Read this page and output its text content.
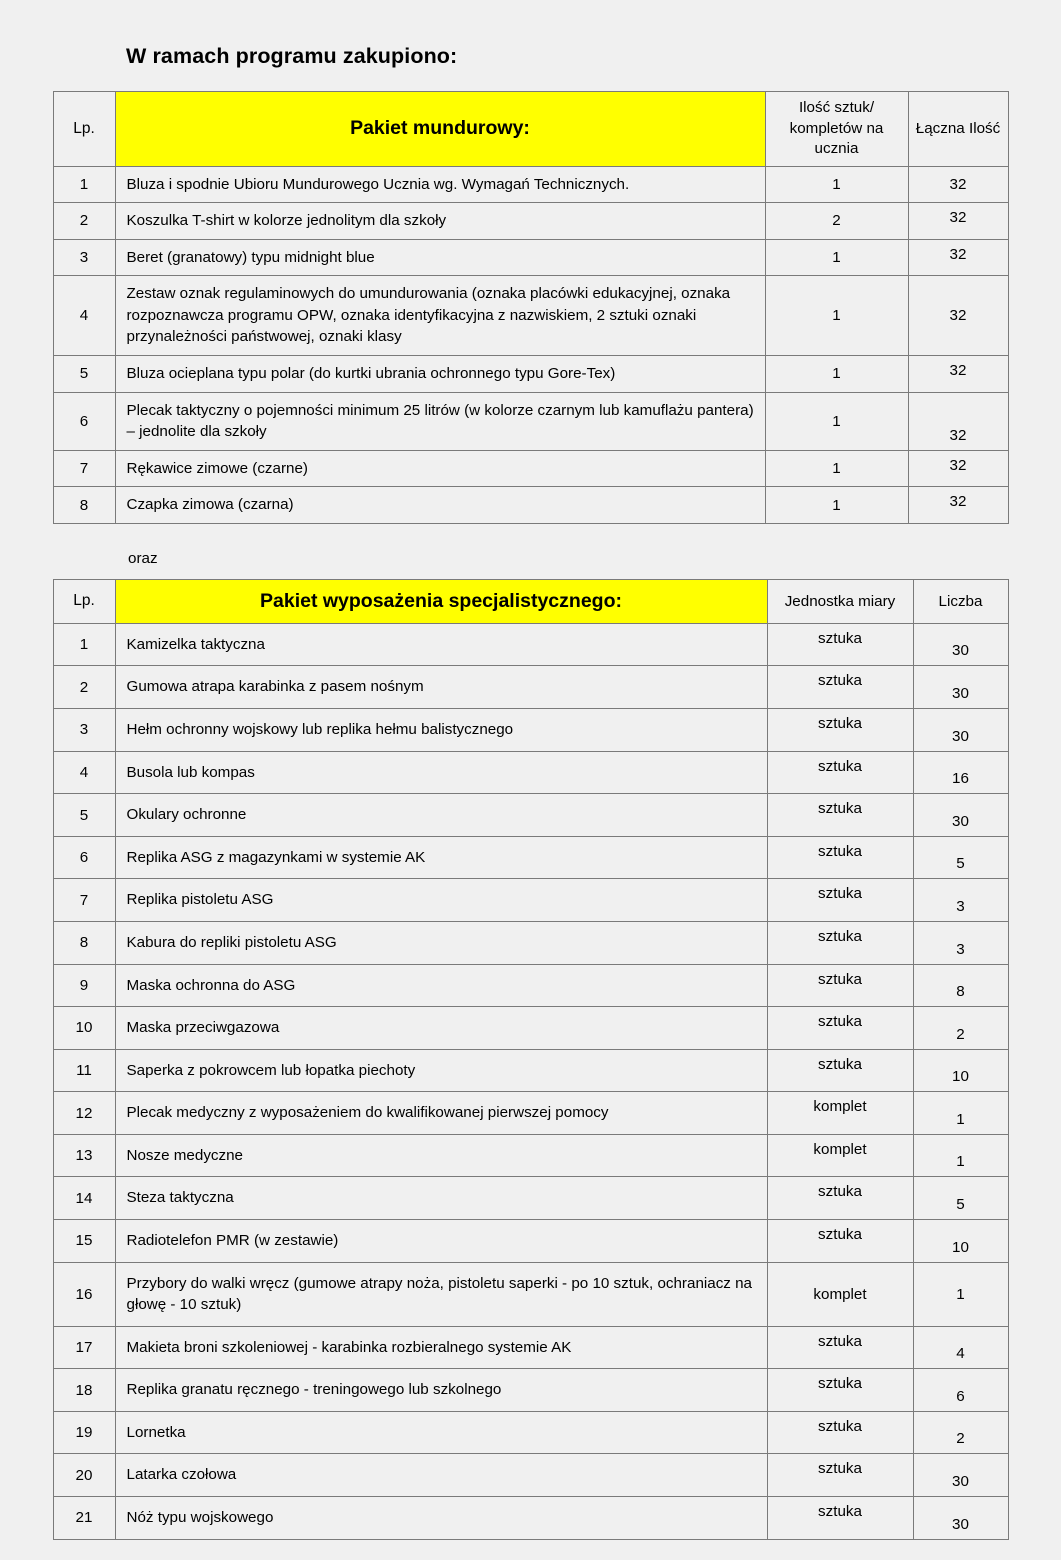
W ramach programu zakupiono:
Lp.	Pakiet mundurowy:	Ilość sztuk/ kompletów na ucznia	Łączna Ilość
1	Bluza i spodnie Ubioru Mundurowego Ucznia wg. Wymagań Technicznych.	1	32
2	Koszulka T-shirt w kolorze jednolitym dla szkoły	2	32
3	Beret (granatowy) typu midnight blue	1	32
4	Zestaw oznak regulaminowych do umundurowania (oznaka placówki edukacyjnej, oznaka rozpoznawcza programu OPW, oznaka identyfikacyjna z nazwiskiem, 2 sztuki oznaki przynależności państwowej, oznaki klasy	1	32
5	Bluza ocieplana typu polar (do kurtki ubrania ochronnego typu Gore-Tex)	1	32
6	Plecak taktyczny o pojemności minimum 25 litrów (w kolorze czarnym lub kamuflażu pantera) – jednolite dla szkoły	1	32
7	Rękawice zimowe (czarne)	1	32
8	Czapka zimowa (czarna)	1	32
oraz
Lp.	Pakiet wyposażenia specjalistycznego:	Jednostka miary	Liczba
1	Kamizelka taktyczna	sztuka	30
2	Gumowa atrapa karabinka z pasem nośnym	sztuka	30
3	Hełm ochronny wojskowy lub replika hełmu balistycznego	sztuka	30
4	Busola lub kompas	sztuka	16
5	Okulary ochronne	sztuka	30
6	Replika ASG z magazynkami w systemie AK	sztuka	5
7	Replika pistoletu ASG	sztuka	3
8	Kabura do repliki pistoletu ASG	sztuka	3
9	Maska ochronna do ASG	sztuka	8
10	Maska przeciwgazowa	sztuka	2
11	Saperka z pokrowcem lub łopatka piechoty	sztuka	10
12	Plecak medyczny z wyposażeniem do kwalifikowanej pierwszej pomocy	komplet	1
13	Nosze medyczne	komplet	1
14	Steza taktyczna	sztuka	5
15	Radiotelefon PMR (w zestawie)	sztuka	10
16	Przybory do walki wręcz (gumowe atrapy noża, pistoletu saperki - po 10 sztuk, ochraniacz na głowę - 10 sztuk)	komplet	1
17	Makieta broni szkoleniowej - karabinka rozbieralnego systemie AK	sztuka	4
18	Replika granatu ręcznego - treningowego lub szkolnego	sztuka	6
19	Lornetka	sztuka	2
20	Latarka czołowa	sztuka	30
21	Nóż typu wojskowego	sztuka	30
